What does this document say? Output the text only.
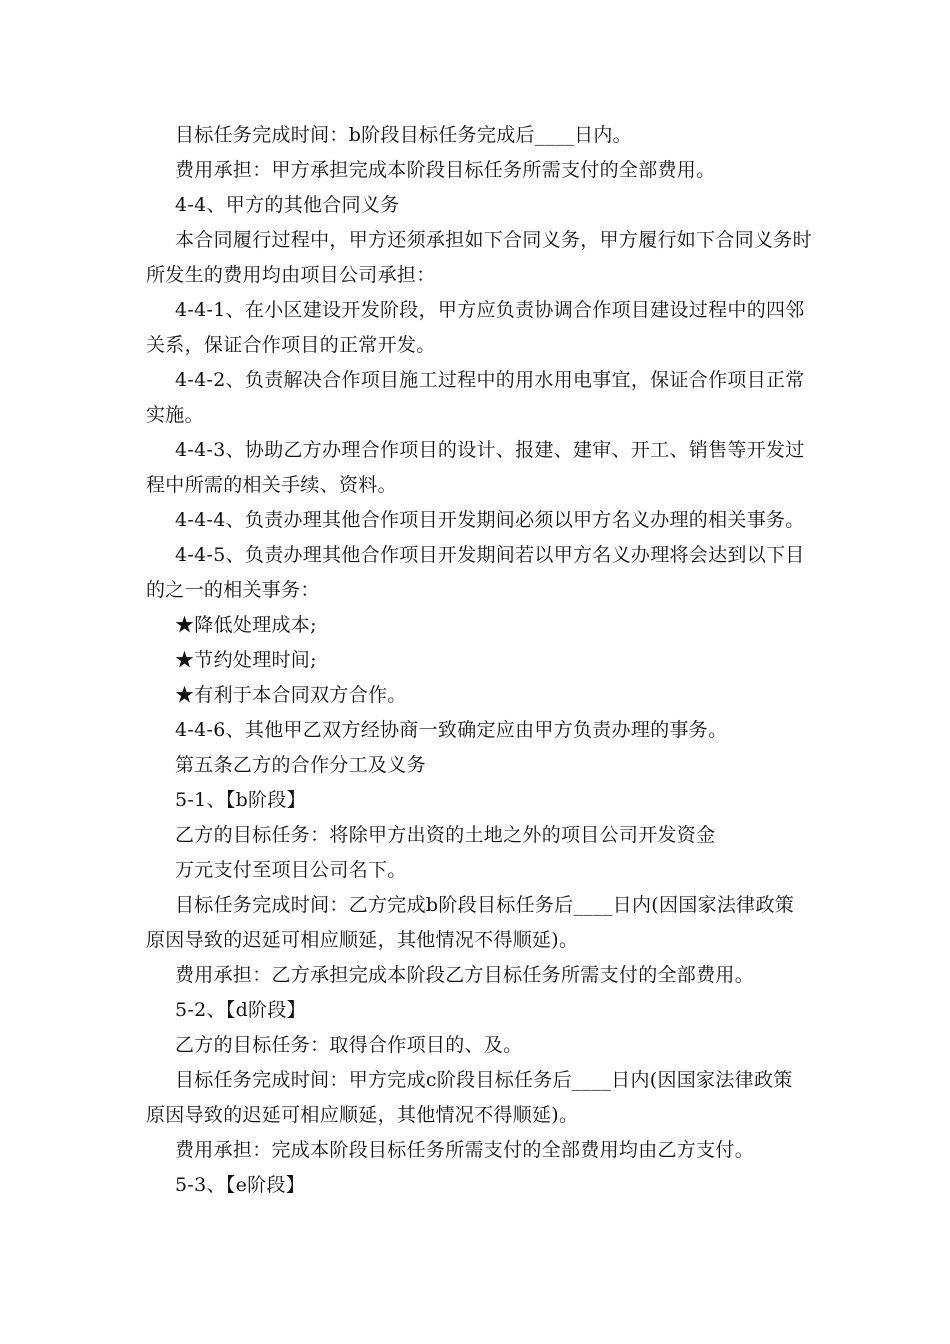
目标任务完成时间：b阶段目标任务完成后____日内。

费用承担：甲方承担完成本阶段目标任务所需支付的全部费用。

4-4、甲方的其他合同义务

本合同履行过程中，甲方还须承担如下合同义务，甲方履行如下合同义务时

所发生的费用均由项目公司承担：

4-4-1、在小区建设开发阶段，甲方应负责协调合作项目建设过程中的四邻

关系，保证合作项目的正常开发。

4-4-2、负责解决合作项目施工过程中的用水用电事宜，保证合作项目正常

实施。

4-4-3、协助乙方办理合作项目的设计、报建、建审、开工、销售等开发过

程中所需的相关手续、资料。

4-4-4、负责办理其他合作项目开发期间必须以甲方名义办理的相关事务。

4-4-5、负责办理其他合作项目开发期间若以甲方名义办理将会达到以下目

的之一的相关事务：

★降低处理成本;

★节约处理时间;

★有利于本合同双方合作。

4-4-6、其他甲乙双方经协商一致确定应由甲方负责办理的事务。

第五条乙方的合作分工及义务

5-1、【b阶段】

乙方的目标任务：将除甲方出资的土地之外的项目公司开发资金

万元支付至项目公司名下。

目标任务完成时间：乙方完成b阶段目标任务后____日内(因国家法律政策

原因导致的迟延可相应顺延，其他情况不得顺延)。

费用承担：乙方承担完成本阶段乙方目标任务所需支付的全部费用。

5-2、【d阶段】

乙方的目标任务：取得合作项目的、及。

目标任务完成时间：甲方完成c阶段目标任务后____日内(因国家法律政策

原因导致的迟延可相应顺延，其他情况不得顺延)。

费用承担：完成本阶段目标任务所需支付的全部费用均由乙方支付。

5-3、【e阶段】
